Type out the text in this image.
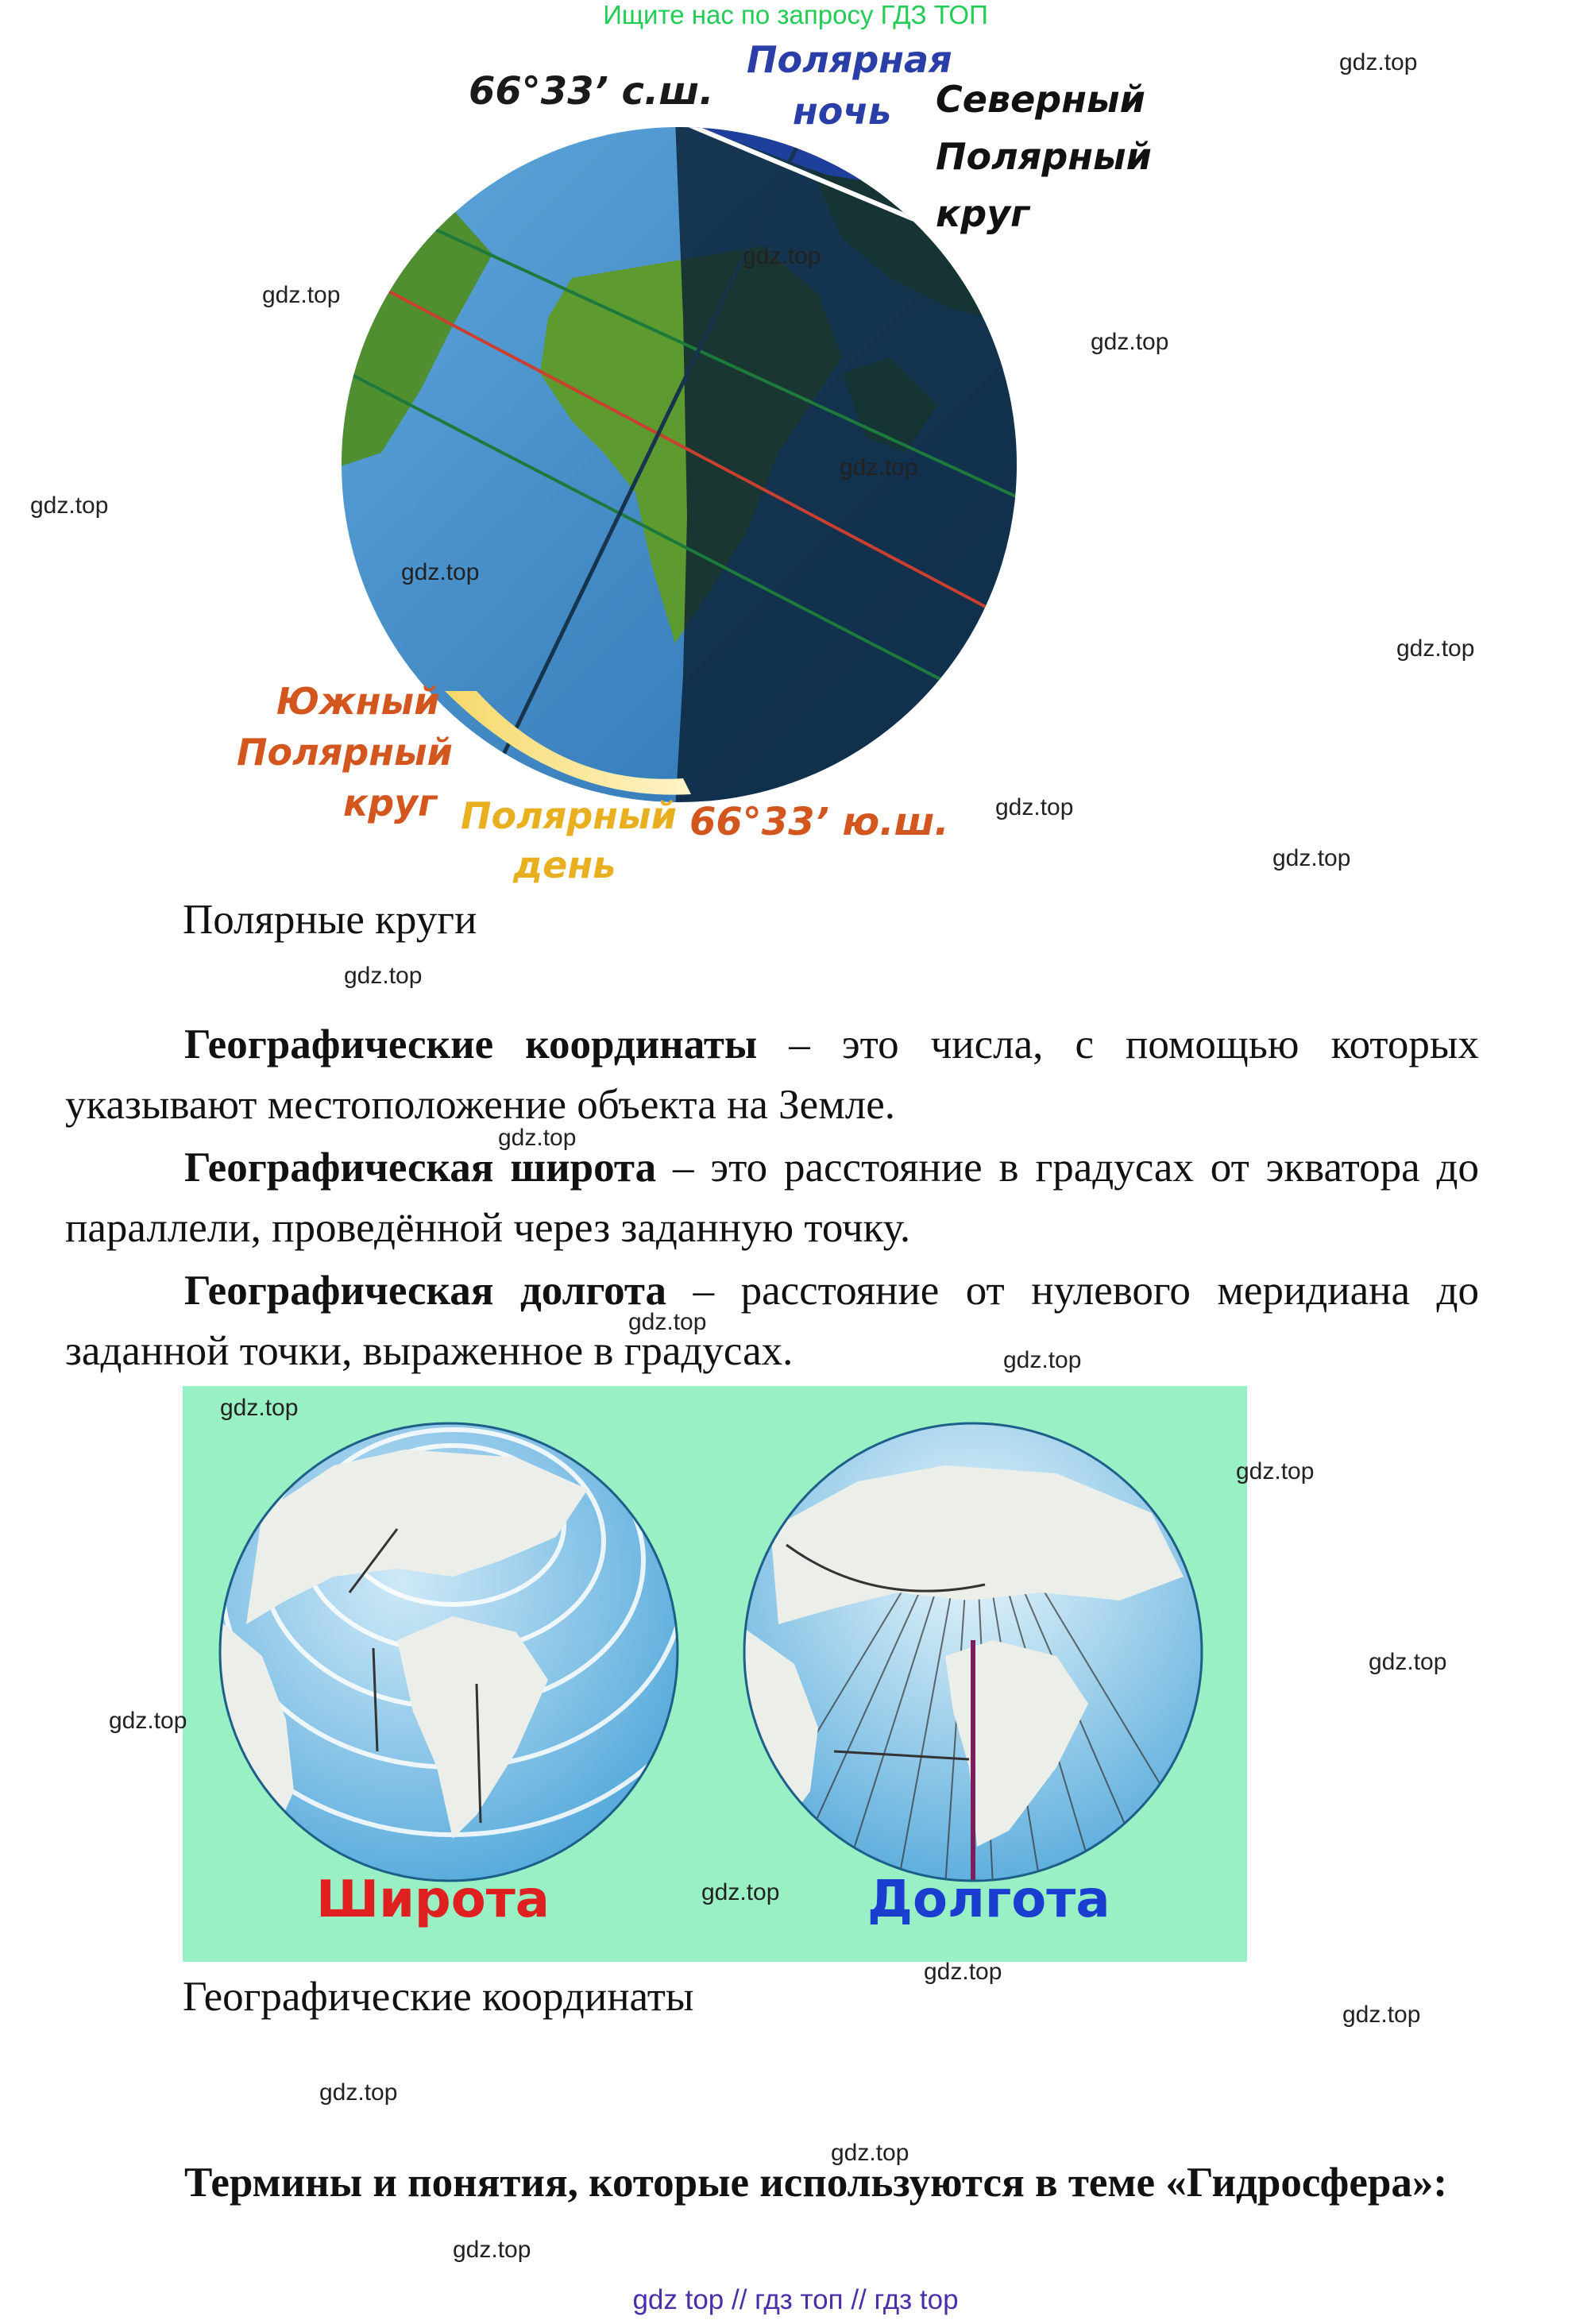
Ищите нас по запросу ГДЗ ТОП
66°33’ с.ш.
Полярная
ночь Северный
Полярный
круг
Южный
Полярный
круг Полярный
день
66°33’ ю.ш.
Полярные круги
Географические координаты – это числа, с помощью которых указывают местоположение объекта на Земле.
Географическая широта – это расстояние в градусах от экватора до параллели, проведённой через заданную точку.
Географическая долгота – расстояние от нулевого меридиана до заданной точки, выраженное в градусах.
Широта	Долгота
Географические координаты
Термины и понятия, которые используются в теме «Гидросфера»:
gdz.top
gdz.top
gdz.top
gdz.top
gdz.top
gdz.top
gdz.top
gdz.top
gdz.top
gdz.top
gdz.top
gdz.top
gdz.top
gdz.top
gdz.top
gdz.top
gdz.top
gdz.top
gdz.top
gdz.top
gdz.top
gdz.top
gdz.top
gdz.top
gdz top // гдз топ // гдз top
